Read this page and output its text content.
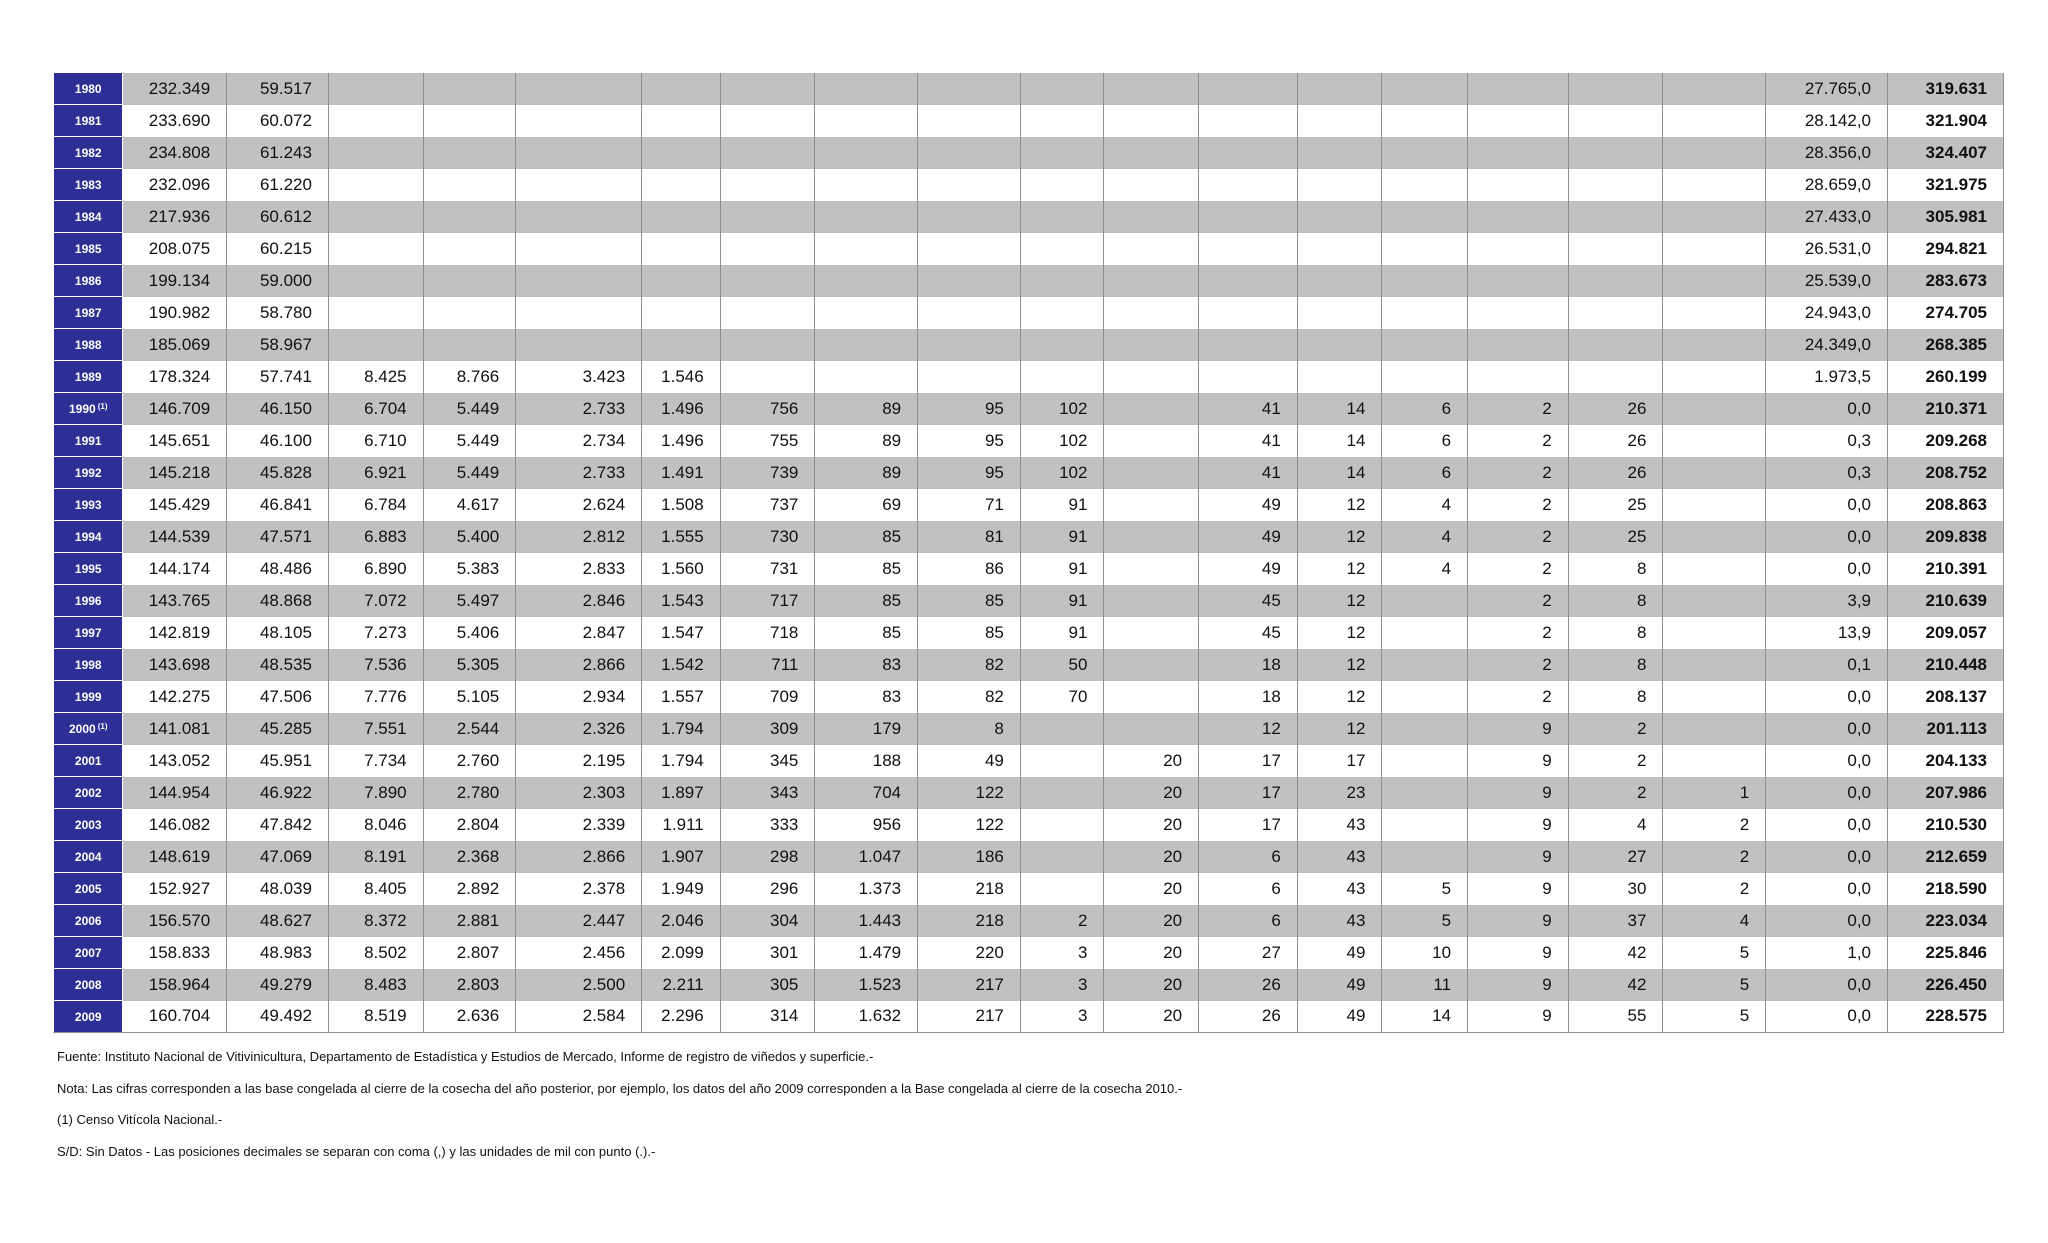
1980	232.349	59.517																27.765,0	319.631
1981	233.690	60.072																28.142,0	321.904
1982	234.808	61.243																28.356,0	324.407
1983	232.096	61.220																28.659,0	321.975
1984	217.936	60.612																27.433,0	305.981
1985	208.075	60.215																26.531,0	294.821
1986	199.134	59.000																25.539,0	283.673
1987	190.982	58.780																24.943,0	274.705
1988	185.069	58.967																24.349,0	268.385
1989	178.324	57.741	8.425	8.766	3.423	1.546												1.973,5	260.199
1990 $^{(1)}$	146.709	46.150	6.704	5.449	2.733	1.496	756	89	95	102		41	14	6	2	26		0,0	210.371
1991	145.651	46.100	6.710	5.449	2.734	1.496	755	89	95	102		41	14	6	2	26		0,3	209.268
1992	145.218	45.828	6.921	5.449	2.733	1.491	739	89	95	102		41	14	6	2	26		0,3	208.752
1993	145.429	46.841	6.784	4.617	2.624	1.508	737	69	71	91		49	12	4	2	25		0,0	208.863
1994	144.539	47.571	6.883	5.400	2.812	1.555	730	85	81	91		49	12	4	2	25		0,0	209.838
1995	144.174	48.486	6.890	5.383	2.833	1.560	731	85	86	91		49	12	4	2	8		0,0	210.391
1996	143.765	48.868	7.072	5.497	2.846	1.543	717	85	85	91		45	12		2	8		3,9	210.639
1997	142.819	48.105	7.273	5.406	2.847	1.547	718	85	85	91		45	12		2	8		13,9	209.057
1998	143.698	48.535	7.536	5.305	2.866	1.542	711	83	82	50		18	12		2	8		0,1	210.448
1999	142.275	47.506	7.776	5.105	2.934	1.557	709	83	82	70		18	12		2	8		0,0	208.137
2000 $^{(1)}$	141.081	45.285	7.551	2.544	2.326	1.794	309	179	8			12	12		9	2		0,0	201.113
2001	143.052	45.951	7.734	2.760	2.195	1.794	345	188	49		20	17	17		9	2		0,0	204.133
2002	144.954	46.922	7.890	2.780	2.303	1.897	343	704	122		20	17	23		9	2	1	0,0	207.986
2003	146.082	47.842	8.046	2.804	2.339	1.911	333	956	122		20	17	43		9	4	2	0,0	210.530
2004	148.619	47.069	8.191	2.368	2.866	1.907	298	1.047	186		20	6	43		9	27	2	0,0	212.659
2005	152.927	48.039	8.405	2.892	2.378	1.949	296	1.373	218		20	6	43	5	9	30	2	0,0	218.590
2006	156.570	48.627	8.372	2.881	2.447	2.046	304	1.443	218	2	20	6	43	5	9	37	4	0,0	223.034
2007	158.833	48.983	8.502	2.807	2.456	2.099	301	1.479	220	3	20	27	49	10	9	42	5	1,0	225.846
2008	158.964	49.279	8.483	2.803	2.500	2.211	305	1.523	217	3	20	26	49	11	9	42	5	0,0	226.450
2009	160.704	49.492	8.519	2.636	2.584	2.296	314	1.632	217	3	20	26	49	14	9	55	5	0,0	228.575

Fuente: Instituto Nacional de Vitivinicultura, Departamento de Estadística y Estudios de Mercado, Informe de registro de viñedos y superficie.-

Nota: Las cifras corresponden a las base congelada al cierre de la cosecha del año posterior, por ejemplo, los datos del año 2009 corresponden a la Base congelada al cierre de la cosecha 2010.-

(1) Censo Vitícola Nacional.-

S/D: Sin Datos - Las posiciones decimales se separan con coma (,) y las unidades de mil con punto (.).-
